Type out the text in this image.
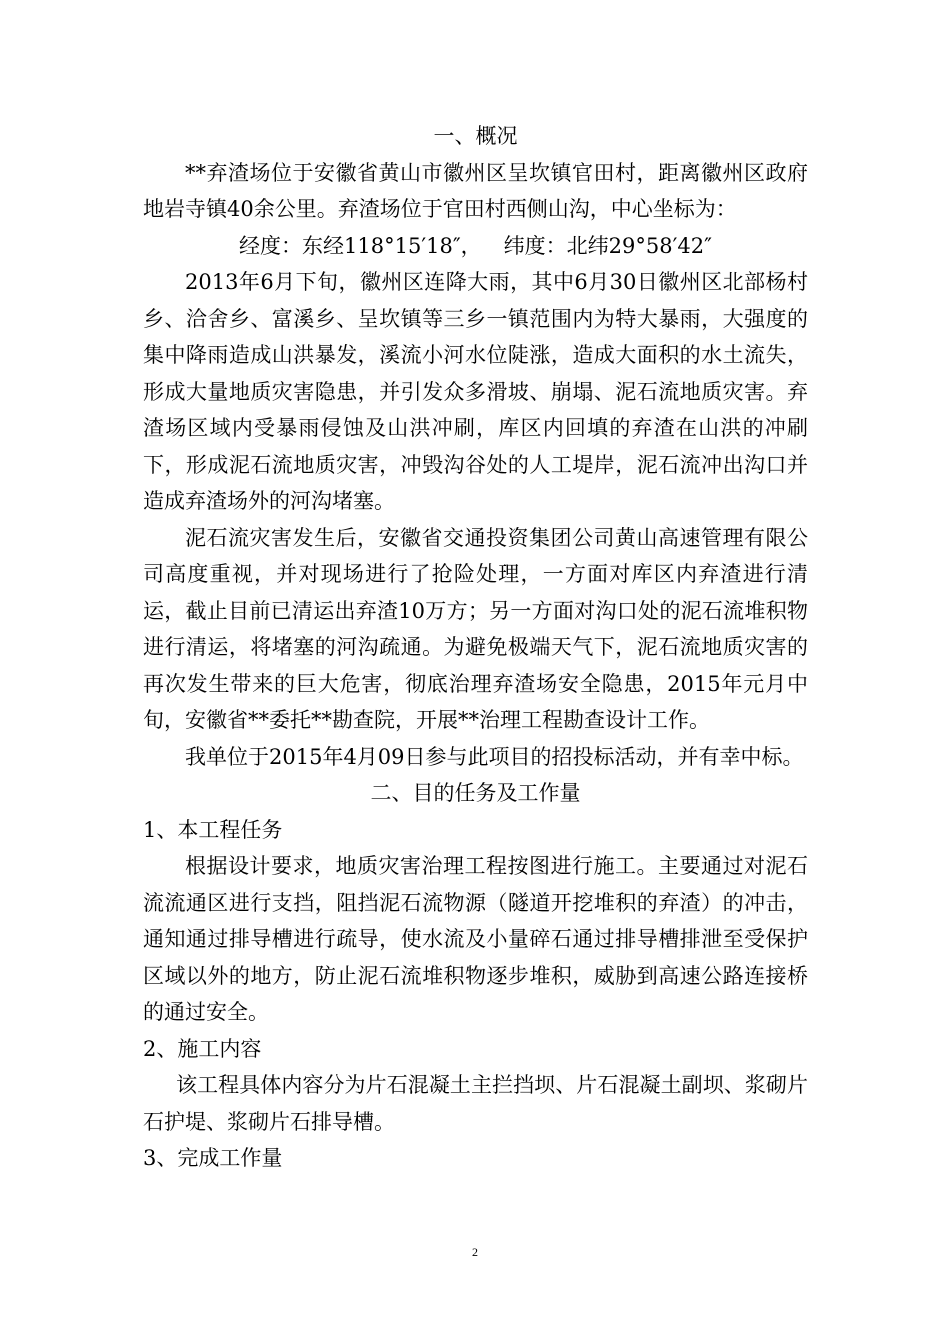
一、概况

**弃渣场位于安徽省黄山市徽州区呈坎镇官田村，距离徽州区政府地岩寺镇40余公里。弃渣场位于官田村西侧山沟，中心坐标为：

经度：东经118°15′18″， 纬度：北纬29°58′42″

2013年6月下旬，徽州区连降大雨，其中6月30日徽州区北部杨村乡、洽舍乡、富溪乡、呈坎镇等三乡一镇范围内为特大暴雨，大强度的集中降雨造成山洪暴发，溪流小河水位陡涨，造成大面积的水土流失，形成大量地质灾害隐患，并引发众多滑坡、崩塌、泥石流地质灾害。弃渣场区域内受暴雨侵蚀及山洪冲刷，库区内回填的弃渣在山洪的冲刷下，形成泥石流地质灾害，冲毁沟谷处的人工堤岸，泥石流冲出沟口并造成弃渣场外的河沟堵塞。

泥石流灾害发生后，安徽省交通投资集团公司黄山高速管理有限公司高度重视，并对现场进行了抢险处理，一方面对库区内弃渣进行清运，截止目前已清运出弃渣10万方；另一方面对沟口处的泥石流堆积物进行清运，将堵塞的河沟疏通。为避免极端天气下，泥石流地质灾害的再次发生带来的巨大危害，彻底治理弃渣场安全隐患，2015年元月中旬，安徽省**委托**勘查院，开展**治理工程勘查设计工作。

我单位于2015年4月09日参与此项目的招投标活动，并有幸中标。

二、目的任务及工作量

1、本工程任务

根据设计要求，地质灾害治理工程按图进行施工。主要通过对泥石流流通区进行支挡，阻挡泥石流物源（隧道开挖堆积的弃渣）的冲击，通知通过排导槽进行疏导，使水流及小量碎石通过排导槽排泄至受保护区域以外的地方，防止泥石流堆积物逐步堆积，威胁到高速公路连接桥的通过安全。

2、施工内容

该工程具体内容分为片石混凝土主拦挡坝、片石混凝土副坝、浆砌片石护堤、浆砌片石排导槽。

3、完成工作量

2
